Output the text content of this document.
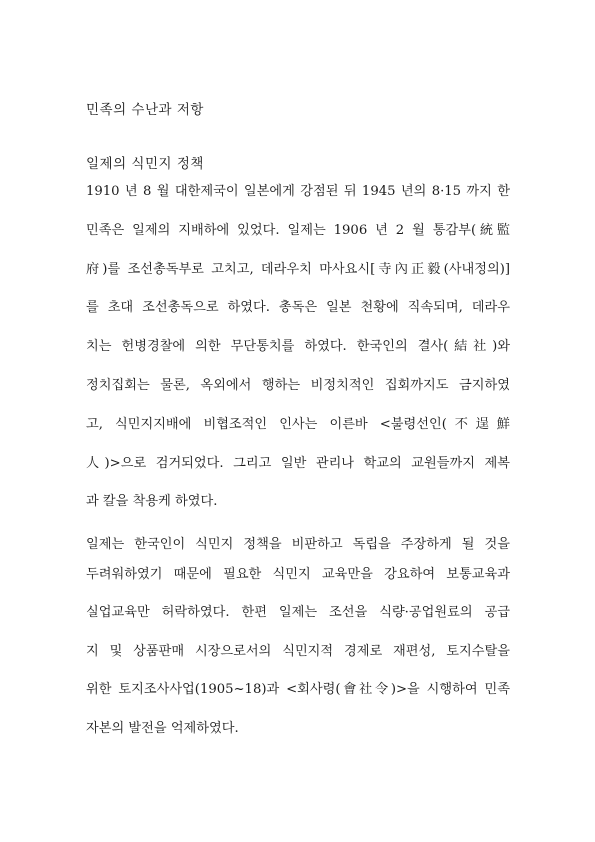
민족의 수난과 저항
일제의 식민지 정책
1910 년 8 월 대한제국이 일본에게 강점된 뒤 1945 년의 8·15 까지 한
민족은 일제의 지배하에 있었다. 일제는 1906 년 2 월 통감부(統監
府)를 조선총독부로 고치고, 데라우치 마사요시[寺內正毅(사내정의)]
를 초대 조선총독으로 하였다. 총독은 일본 천황에 직속되며, 데라우
치는 헌병경찰에 의한 무단통치를 하였다. 한국인의 결사(結社)와
정치집회는 물론, 옥외에서 행하는 비정치적인 집회까지도 금지하였
고, 식민지지배에 비협조적인 인사는 이른바 <불령선인(不逞鮮
人)>으로 검거되었다. 그리고 일반 관리나 학교의 교원들까지 제복
과 칼을 착용케 하였다.
일제는 한국인이 식민지 정책을 비판하고 독립을 주장하게 될 것을
두려워하였기 때문에 필요한 식민지 교육만을 강요하여 보통교육과
실업교육만 허락하였다. 한편 일제는 조선을 식량·공업원료의 공급
지 및 상품판매 시장으로서의 식민지적 경제로 재편성, 토지수탈을
위한 토지조사사업(1905~18)과 <회사령(會社令)>을 시행하여 민족
자본의 발전을 억제하였다.
